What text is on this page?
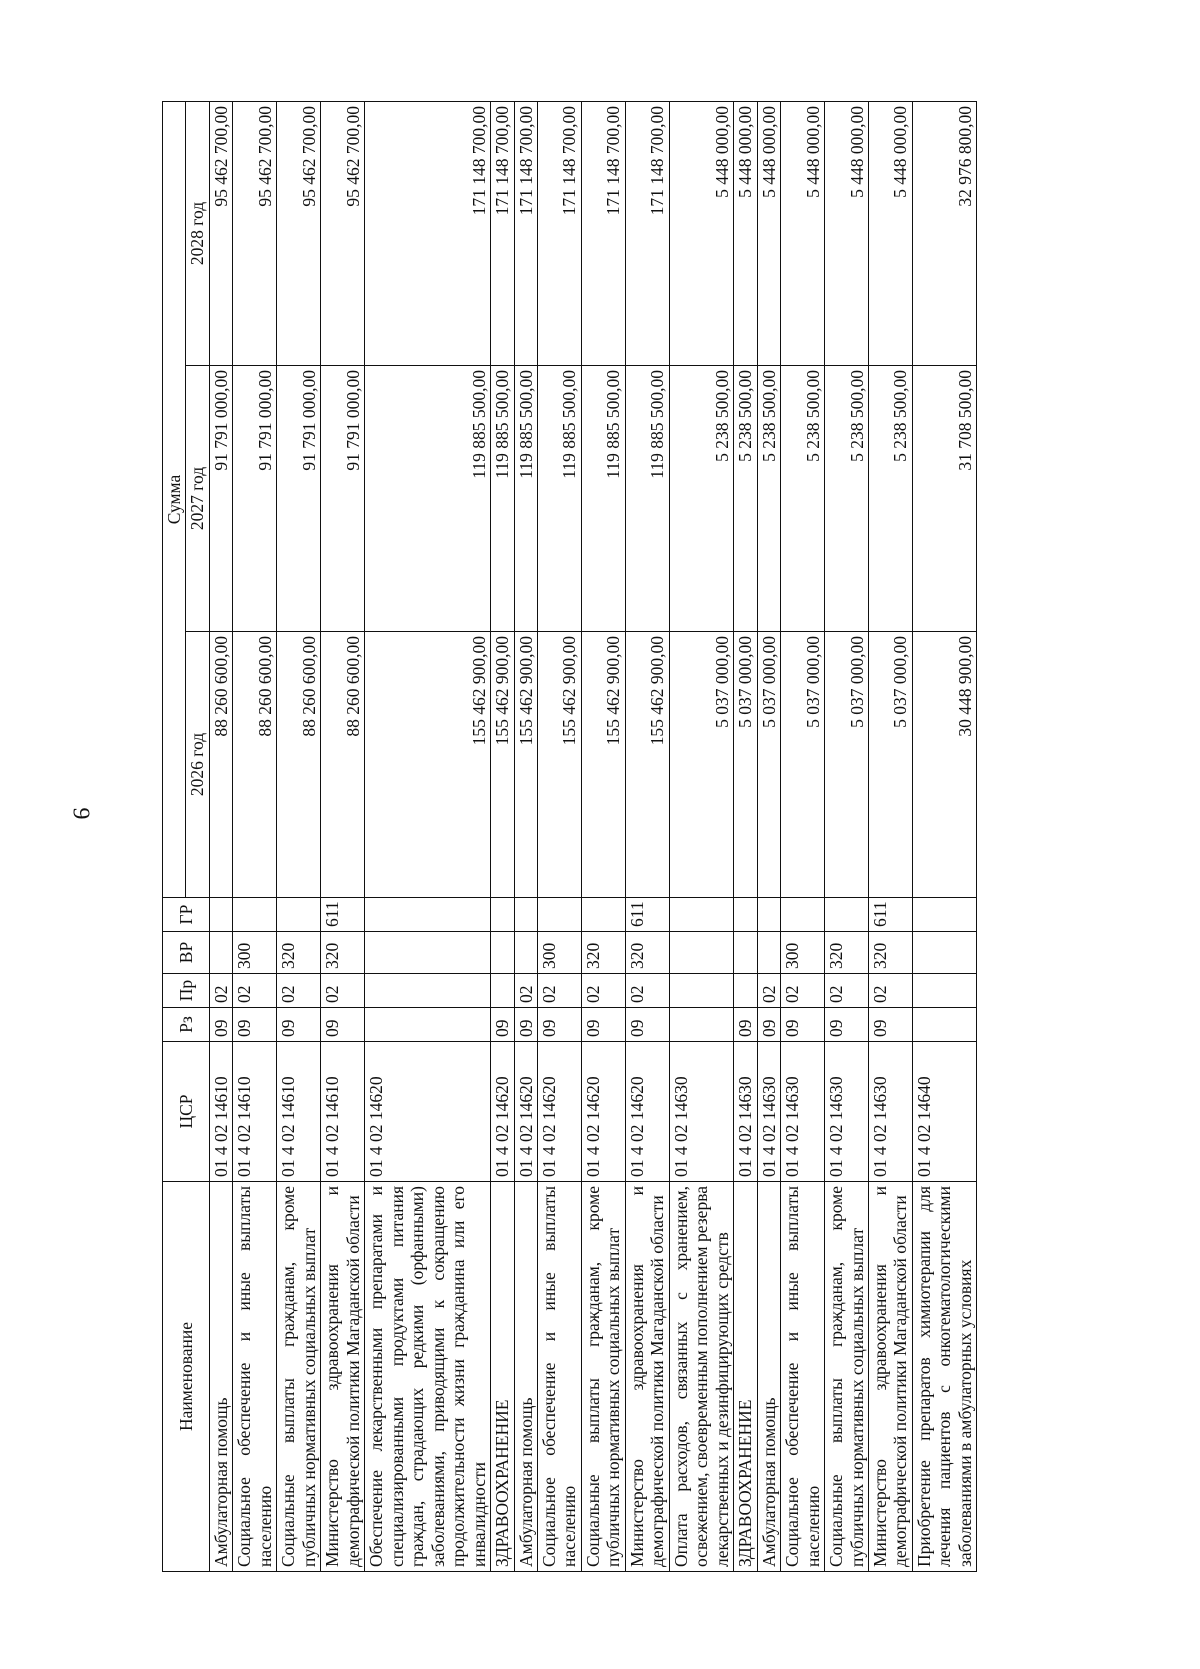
9
Наименование	ЦСР	Рз	Пр	ВР	ГР	Сумма		
						2026 год	2027 год	2028 год
Амбулаторная помощь	01 4 02 14610	09	02			88 260 600,00	91 791 000,00	95 462 700,00
Социальное обеспечение и иные выплаты населению	01 4 02 14610	09	02	300		88 260 600,00	91 791 000,00	95 462 700,00
Социальные выплаты гражданам, кроме публичных нормативных социальных выплат	01 4 02 14610	09	02	320		88 260 600,00	91 791 000,00	95 462 700,00
Министерство здравоохранения и демографической политики Магаданской области	01 4 02 14610	09	02	320	611	88 260 600,00	91 791 000,00	95 462 700,00
Обеспечение лекарственными препаратами и специализированными продуктами питания граждан, страдающих редкими (орфанными) заболеваниями, приводящими к сокращению продолжительности жизни гражданина или его инвалидности	01 4 02 14620					155 462 900,00	119 885 500,00	171 148 700,00
ЗДРАВООХРАНЕНИЕ	01 4 02 14620	09				155 462 900,00	119 885 500,00	171 148 700,00
Амбулаторная помощь	01 4 02 14620	09	02			155 462 900,00	119 885 500,00	171 148 700,00
Социальное обеспечение и иные выплаты населению	01 4 02 14620	09	02	300		155 462 900,00	119 885 500,00	171 148 700,00
Социальные выплаты гражданам, кроме публичных нормативных социальных выплат	01 4 02 14620	09	02	320		155 462 900,00	119 885 500,00	171 148 700,00
Министерство здравоохранения и демографической политики Магаданской области	01 4 02 14620	09	02	320	611	155 462 900,00	119 885 500,00	171 148 700,00
Оплата расходов, связанных с хранением, освежением, своевременным пополнением резерва лекарственных и дезинфицирующих средств	01 4 02 14630					5 037 000,00	5 238 500,00	5 448 000,00
ЗДРАВООХРАНЕНИЕ	01 4 02 14630	09				5 037 000,00	5 238 500,00	5 448 000,00
Амбулаторная помощь	01 4 02 14630	09	02			5 037 000,00	5 238 500,00	5 448 000,00
Социальное обеспечение и иные выплаты населению	01 4 02 14630	09	02	300		5 037 000,00	5 238 500,00	5 448 000,00
Социальные выплаты гражданам, кроме публичных нормативных социальных выплат	01 4 02 14630	09	02	320		5 037 000,00	5 238 500,00	5 448 000,00
Министерство здравоохранения и демографической политики Магаданской области	01 4 02 14630	09	02	320	611	5 037 000,00	5 238 500,00	5 448 000,00
Приобретение препаратов химиотерапии для лечения пациентов с онкогематологическими заболеваниями в амбулаторных условиях	01 4 02 14640					30 448 900,00	31 708 500,00	32 976 800,00
